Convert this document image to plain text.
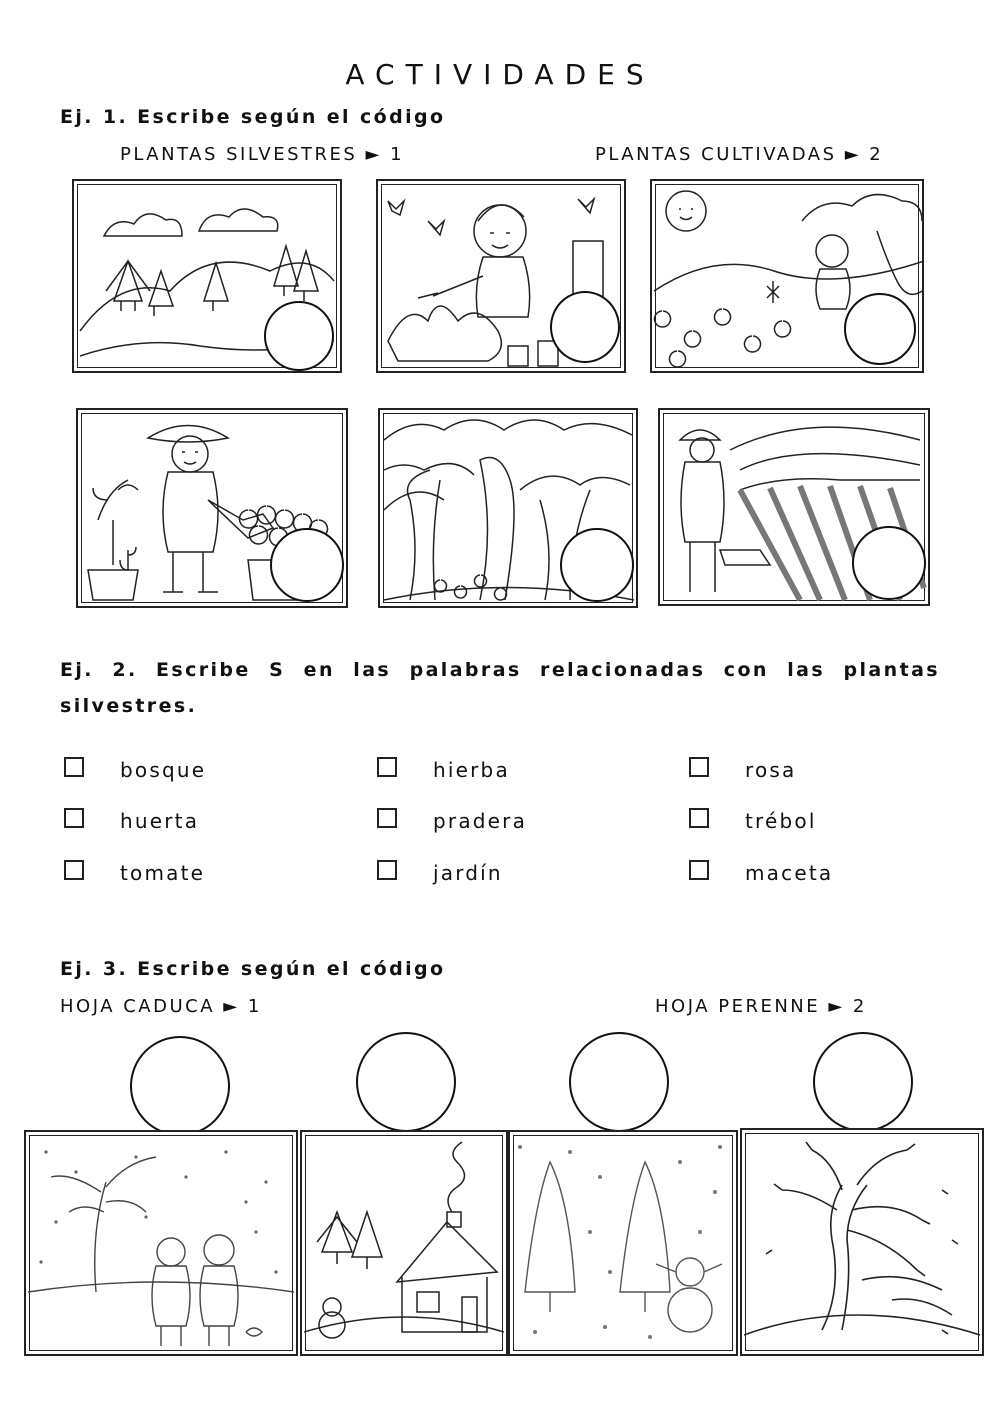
ACTIVIDADES
Ej. 1. Escribe según el código
PLANTAS SILVESTRES ► 1	PLANTAS CULTIVADAS ► 2
Ej. 2. Escribe S en las palabras relacionadas con las plantas silvestres.
bosque	hierba	rosa
huerta	pradera	trébol
tomate	jardín	maceta
Ej. 3. Escribe según el código
HOJA CADUCA ► 1	HOJA PERENNE ► 2
